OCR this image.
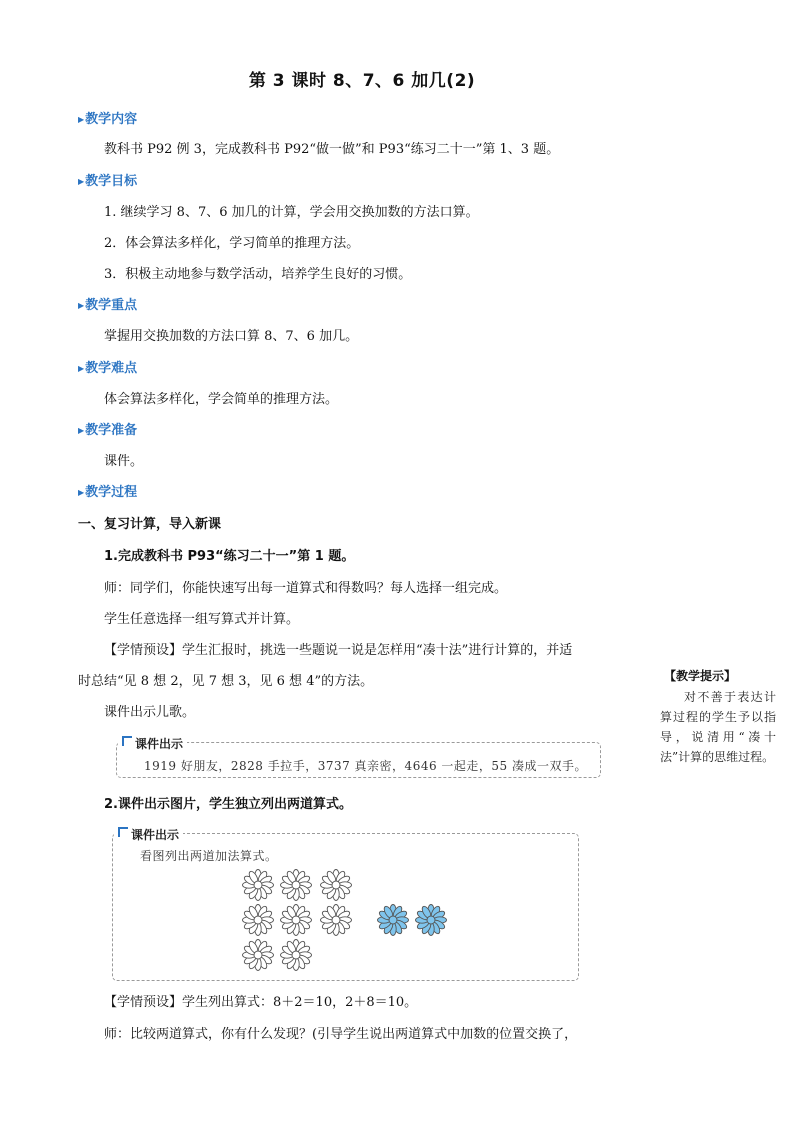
第 3 课时 8、7、6 加几(2)
▶教学内容
教科书 P92 例 3，完成教科书 P92“做一做”和 P93“练习二十一”第 1、3 题。
▶教学目标
1. 继续学习 8、7、6 加几的计算，学会用交换加数的方法口算。
2．体会算法多样化，学习简单的推理方法。
3．积极主动地参与数学活动，培养学生良好的习惯。
▶教学重点
掌握用交换加数的方法口算 8、7、6 加几。
▶教学难点
体会算法多样化，学会简单的推理方法。
▶教学准备
课件。
▶教学过程
一、复习计算，导入新课
1.完成教科书 P93“练习二十一”第 1 题。
师：同学们，你能快速写出每一道算式和得数吗？每人选择一组完成。
学生任意选择一组写算式并计算。
【学情预设】学生汇报时，挑选一些题说一说是怎样用“凑十法”进行计算的，并适
时总结“见 8 想 2，见 7 想 3，见 6 想 4”的方法。
课件出示儿歌。
课件出示
1919 好朋友，2828 手拉手，3737 真亲密，4646 一起走，55 凑成一双手。
2.课件出示图片，学生独立列出两道算式。
课件出示
看图列出两道加法算式。
【学情预设】学生列出算式：8＋2＝10，2＋8＝10。
师：比较两道算式，你有什么发现？(引导学生说出两道算式中加数的位置交换了，
【教学提示】
对不善于表达计算过程的学生予以指导，说清用“凑十法”计算的思维过程。
